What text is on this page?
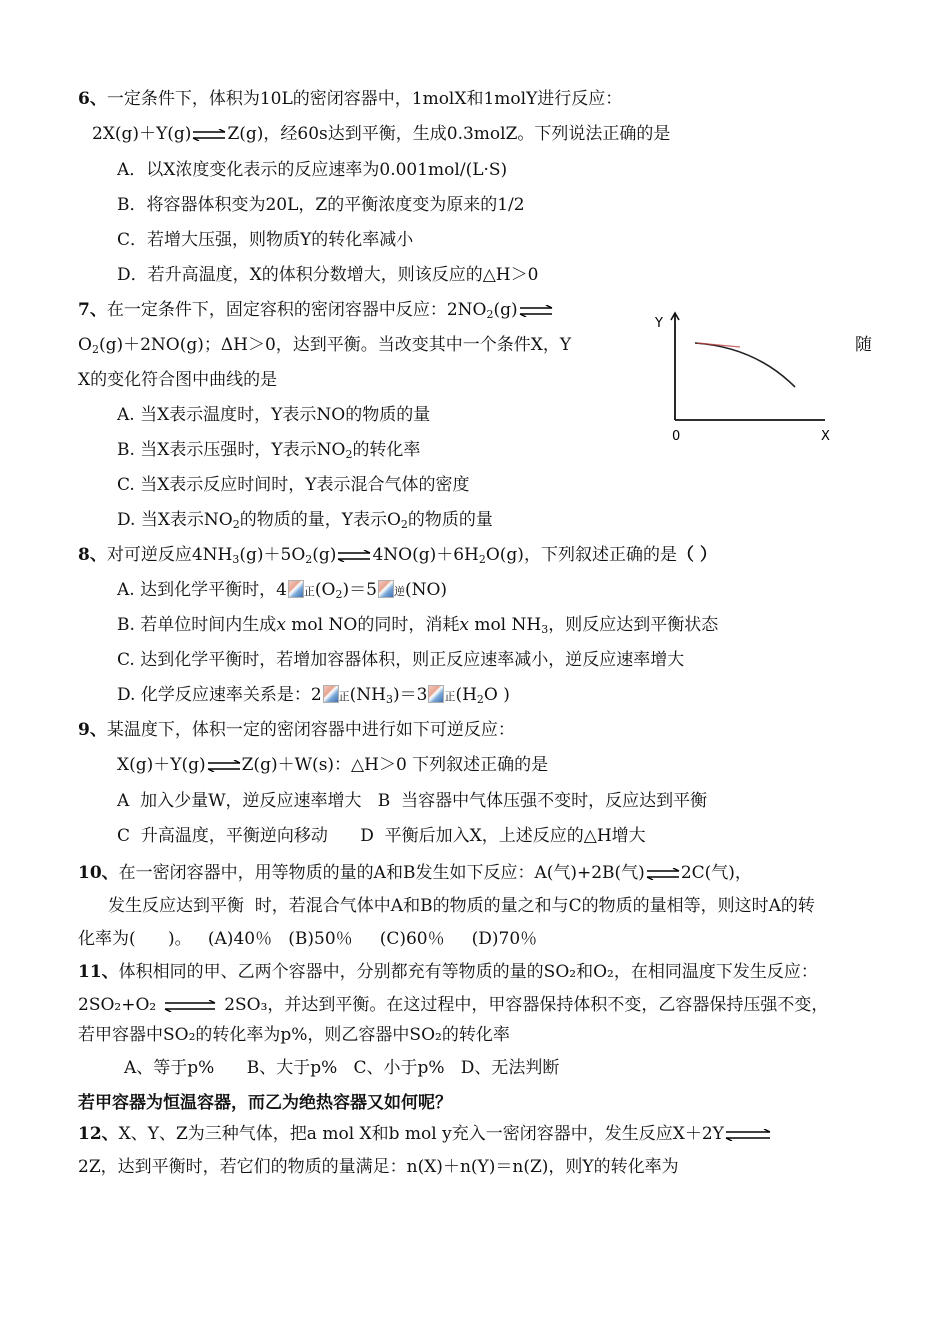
6、一定条件下，体积为10L的密闭容器中，1molX和1molY进行反应：
2X(g)＋Y(g)⇌Z(g)，经60s达到平衡，生成0.3molZ。下列说法正确的是
A．以X浓度变化表示的反应速率为0.001mol/(L·S)
B．将容器体积变为20L，Z的平衡浓度变为原来的1/2
C．若增大压强，则物质Y的转化率减小
D．若升高温度，X的体积分数增大，则该反应的△H＞0
7、在一定条件下，固定容积的密闭容器中反应：$2NO_2(g)\rightleftharpoons$
$O_2(g)+2NO(g)$；ΔH＞0，达到平衡。当改变其中一个条件X，Y	随
X的变化符合图中曲线的是
A. 当X表示温度时，Y表示NO的物质的量
B. 当X表示压强时，Y表示$NO_2$的转化率
C. 当X表示反应时间时，Y表示混合气体的密度
D. 当X表示$NO_2$的物质的量，Y表示$O_2$的物质的量
Y
X
0
8、对可逆反应$4NH_3(g)+5O_2(g)\rightleftharpoons 4NO(g)+6H_2O(g)$，下列叙述正确的是（ ）
A. 达到化学平衡时，4 正$(O_2)=5$ 逆(NO)
B. 若单位时间内生成x mol NO的同时，消耗x mol $NH_3$，则反应达到平衡状态
C. 达到化学平衡时，若增加容器体积，则正反应速率减小，逆反应速率增大
D. 化学反应速率关系是：2 正$(NH_3)=3$ 正($H_2O$ )
9、某温度下，体积一定的密闭容器中进行如下可逆反应：
X(g)＋Y(g)⇌Z(g)＋W(s)：△H＞0 下列叙述正确的是
A  加入少量W，逆反应速率增大   B  当容器中气体压强不变时，反应达到平衡
C  升高温度，平衡逆向移动      D  平衡后加入X，上述反应的△H增大
10、在一密闭容器中，用等物质的量的A和B发生如下反应：A(气)+2B(气)⇌2C(气)，
发生反应达到平衡  时，若混合气体中A和B的物质的量之和与C的物质的量相等，则这时A的转
化率为(      )。   (A)40％   (B)50％     (C)60％     (D)70％
11、体积相同的甲、乙两个容器中，分别都充有等物质的量的SO₂和O₂，在相同温度下发生反应：
2SO₂+O₂ ⇌ 2SO₃，并达到平衡。在这过程中，甲容器保持体积不变，乙容器保持压强不变，
若甲容器中SO₂的转化率为p%，则乙容器中SO₂的转化率
A、等于p%      B、大于p%   C、小于p%   D、无法判断
若甲容器为恒温容器，而乙为绝热容器又如何呢？
12、X、Y、Z为三种气体，把a mol X和b mol y充入一密闭容器中，发生反应X＋2Y⇌
2Z，达到平衡时，若它们的物质的量满足：n(X)＋n(Y)＝n(Z)，则Y的转化率为
